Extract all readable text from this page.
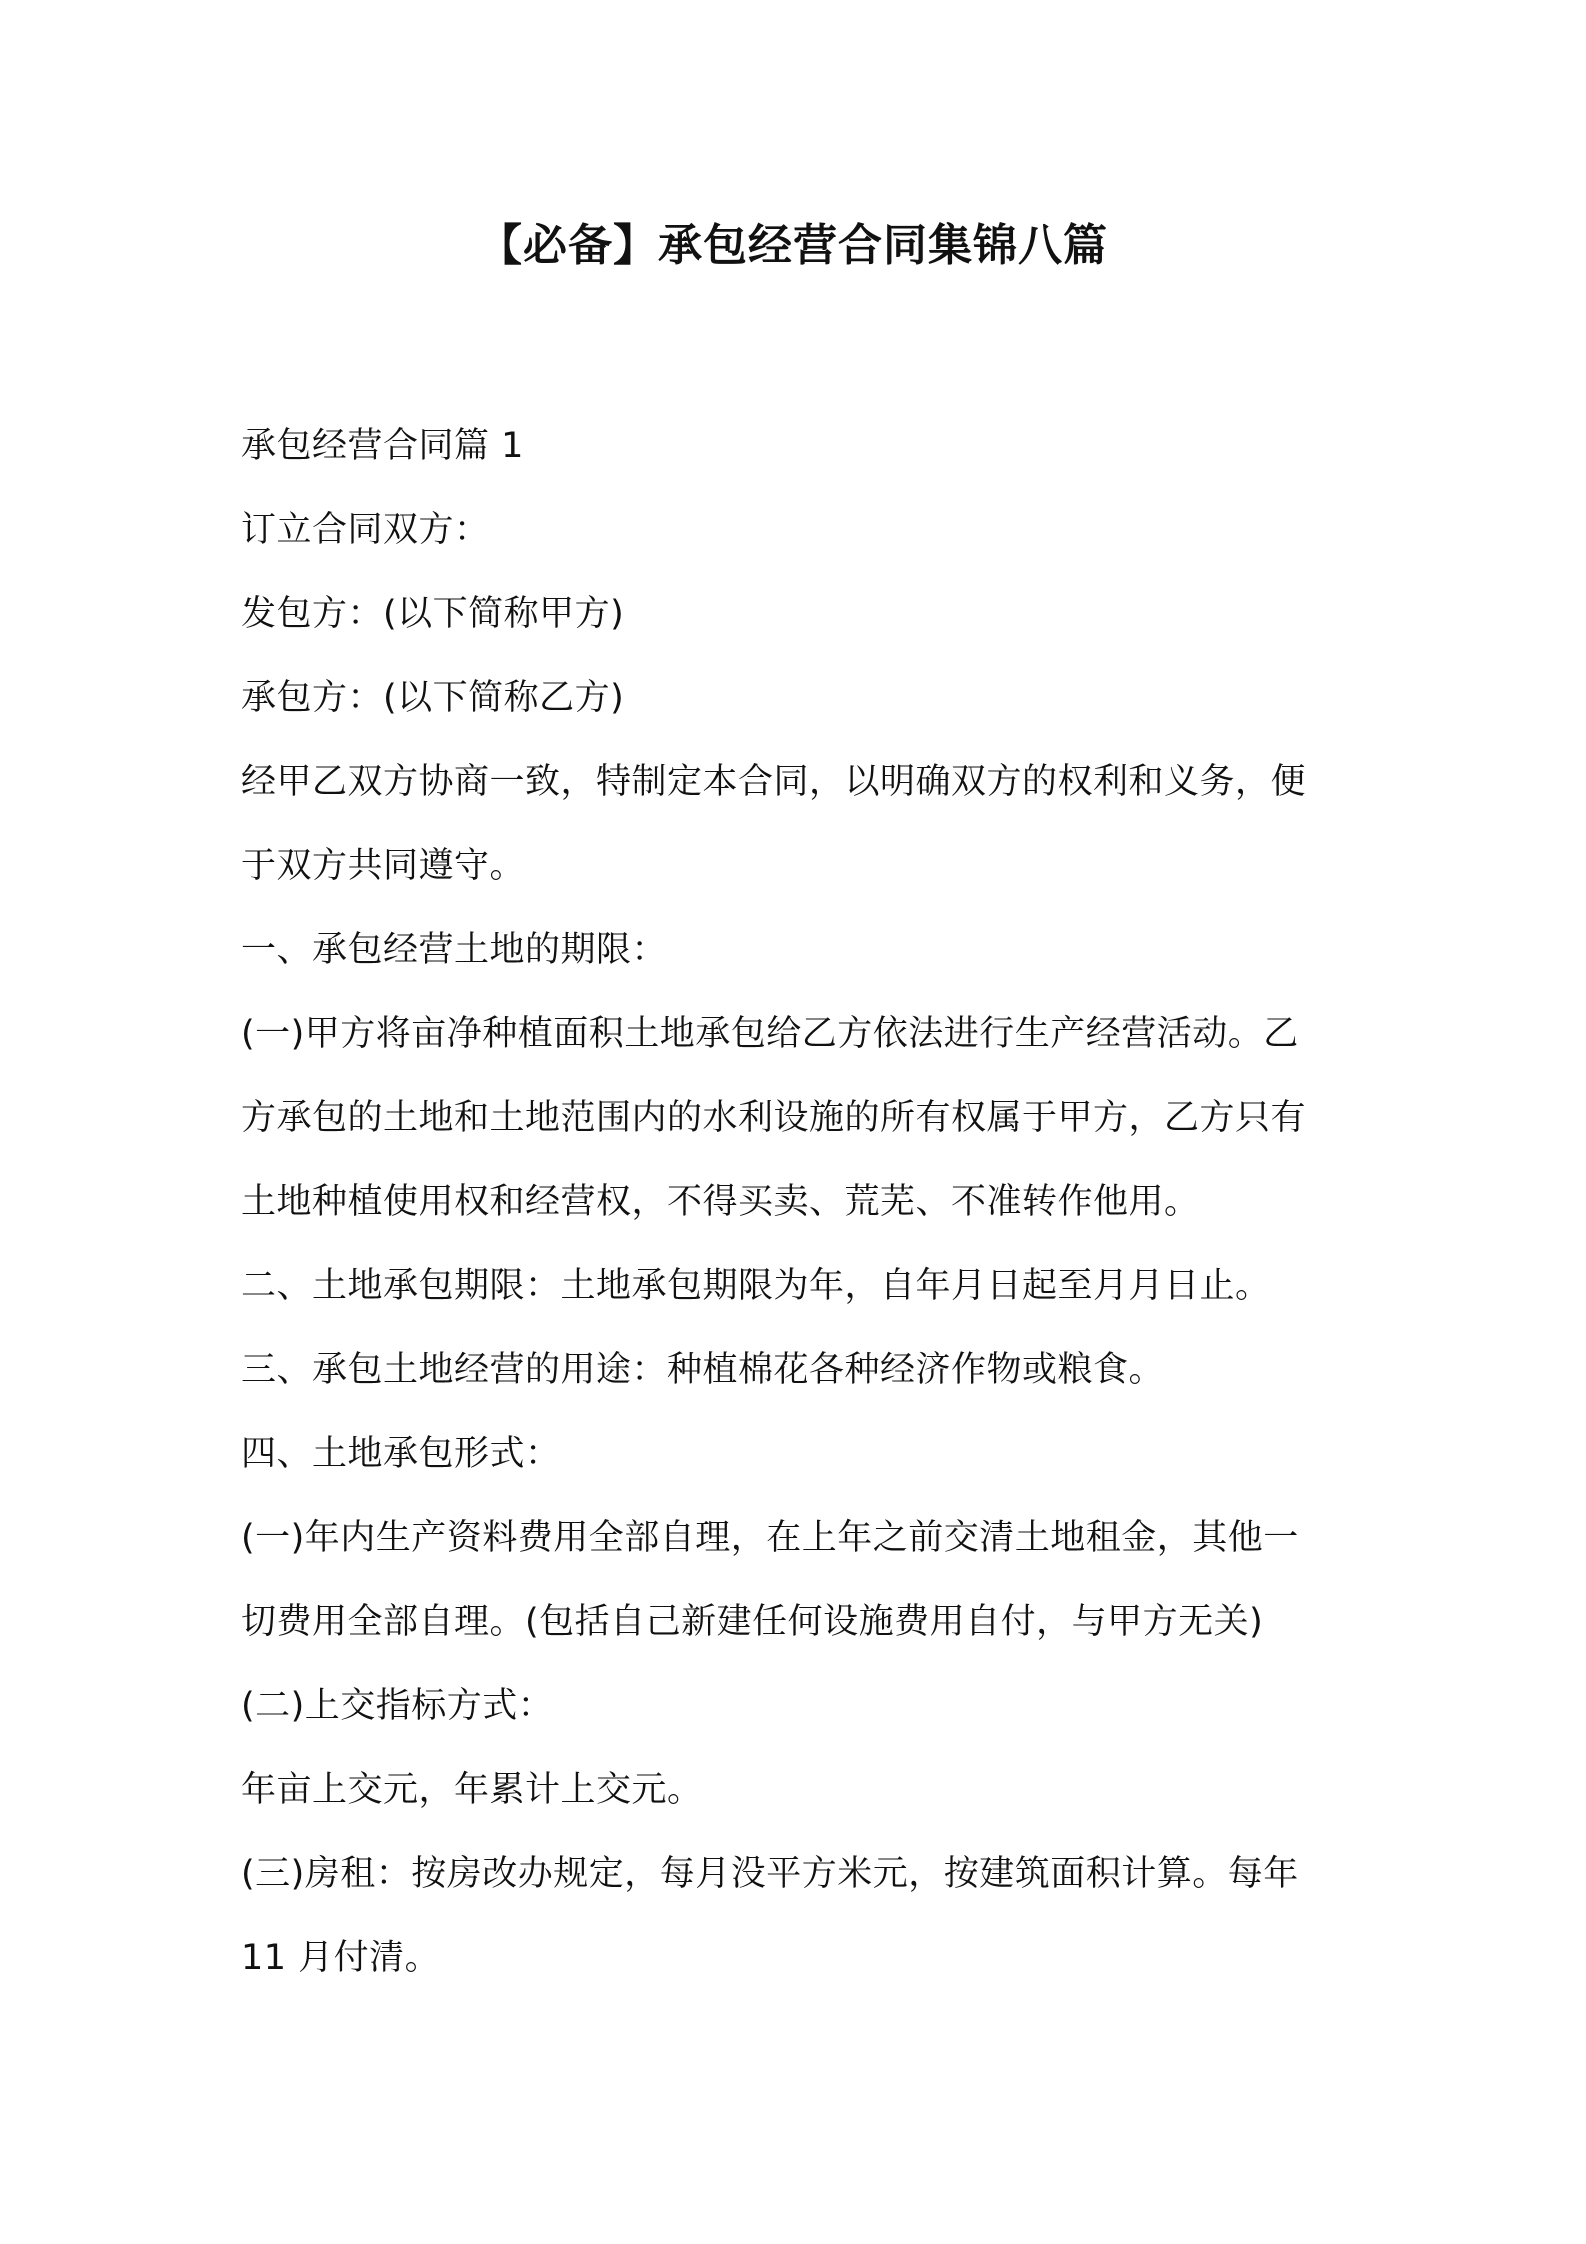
【必备】承包经营合同集锦八篇
承包经营合同篇 1
订立合同双方：
发包方：(以下简称甲方)
承包方：(以下简称乙方)
经甲乙双方协商一致，特制定本合同，以明确双方的权利和义务，便
于双方共同遵守。
一、承包经营土地的期限：
(一)甲方将亩净种植面积土地承包给乙方依法进行生产经营活动。乙
方承包的土地和土地范围内的水利设施的所有权属于甲方，乙方只有
土地种植使用权和经营权，不得买卖、荒芜、不准转作他用。
二、土地承包期限：土地承包期限为年，自年月日起至月月日止。
三、承包土地经营的用途：种植棉花各种经济作物或粮食。
四、土地承包形式：
(一)年内生产资料费用全部自理，在上年之前交清土地租金，其他一
切费用全部自理。(包括自己新建任何设施费用自付，与甲方无关)
(二)上交指标方式：
年亩上交元，年累计上交元。
(三)房租：按房改办规定，每月没平方米元，按建筑面积计算。每年
11 月付清。
